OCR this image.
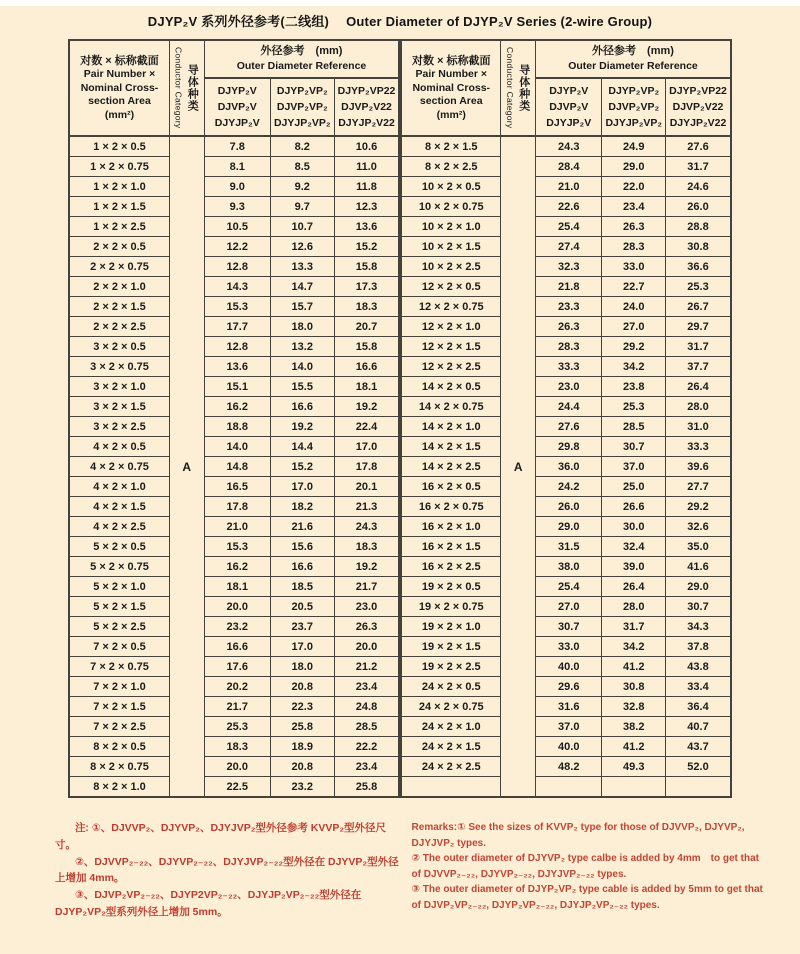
DJYP₂V 系列外径参考(二线组)　 Outer Diameter of DJYP₂V Series (2-wire Group)
对数 × 标称截面
Pair Number ×
Nominal Cross-
section Area
(mm²)	Conductor Category 导体种类

外径参考　(mm)
Outer Diameter Reference

DJYP₂V
DJVP₂V
DJYJP₂V

DJYP₂VP₂
DJVP₂VP₂
DJYJP₂VP₂

DJYP₂VP22
DJVP₂V22
DJYJP₂V22

1 × 2 × 0.5	A	7.8	8.2	10.6
1 × 2 × 0.75		8.1	8.5	11.0
1 × 2 × 1.0		9.0	9.2	11.8
1 × 2 × 1.5		9.3	9.7	12.3
1 × 2 × 2.5		10.5	10.7	13.6
2 × 2 × 0.5		12.2	12.6	15.2
2 × 2 × 0.75		12.8	13.3	15.8
2 × 2 × 1.0		14.3	14.7	17.3
2 × 2 × 1.5		15.3	15.7	18.3
2 × 2 × 2.5		17.7	18.0	20.7
3 × 2 × 0.5		12.8	13.2	15.8
3 × 2 × 0.75		13.6	14.0	16.6
3 × 2 × 1.0		15.1	15.5	18.1
3 × 2 × 1.5		16.2	16.6	19.2
3 × 2 × 2.5		18.8	19.2	22.4
4 × 2 × 0.5		14.0	14.4	17.0
4 × 2 × 0.75		14.8	15.2	17.8
4 × 2 × 1.0		16.5	17.0	20.1
4 × 2 × 1.5		17.8	18.2	21.3
4 × 2 × 2.5		21.0	21.6	24.3
5 × 2 × 0.5		15.3	15.6	18.3
5 × 2 × 0.75		16.2	16.6	19.2
5 × 2 × 1.0		18.1	18.5	21.7
5 × 2 × 1.5		20.0	20.5	23.0
5 × 2 × 2.5		23.2	23.7	26.3
7 × 2 × 0.5		16.6	17.0	20.0
7 × 2 × 0.75		17.6	18.0	21.2
7 × 2 × 1.0		20.2	20.8	23.4
7 × 2 × 1.5		21.7	22.3	24.8
7 × 2 × 2.5		25.3	25.8	28.5
8 × 2 × 0.5		18.3	18.9	22.2
8 × 2 × 0.75		20.0	20.8	23.4
8 × 2 × 1.0		22.5	23.2	25.8
对数 × 标称截面
Pair Number ×
Nominal Cross-
section Area
(mm²)	Conductor Category 导体种类

外径参考　(mm)
Outer Diameter Reference

DJYP₂V
DJVP₂V
DJYJP₂V

DJYP₂VP₂
DJVP₂VP₂
DJYJP₂VP₂

DJYP₂VP22
DJVP₂V22
DJYJP₂V22

8 × 2 × 1.5	A	24.3	24.9	27.6
8 × 2 × 2.5		28.4	29.0	31.7
10 × 2 × 0.5		21.0	22.0	24.6
10 × 2 × 0.75		22.6	23.4	26.0
10 × 2 × 1.0		25.4	26.3	28.8
10 × 2 × 1.5		27.4	28.3	30.8
10 × 2 × 2.5		32.3	33.0	36.6
12 × 2 × 0.5		21.8	22.7	25.3
12 × 2 × 0.75		23.3	24.0	26.7
12 × 2 × 1.0		26.3	27.0	29.7
12 × 2 × 1.5		28.3	29.2	31.7
12 × 2 × 2.5		33.3	34.2	37.7
14 × 2 × 0.5		23.0	23.8	26.4
14 × 2 × 0.75		24.4	25.3	28.0
14 × 2 × 1.0		27.6	28.5	31.0
14 × 2 × 1.5		29.8	30.7	33.3
14 × 2 × 2.5		36.0	37.0	39.6
16 × 2 × 0.5		24.2	25.0	27.7
16 × 2 × 0.75		26.0	26.6	29.2
16 × 2 × 1.0		29.0	30.0	32.6
16 × 2 × 1.5		31.5	32.4	35.0
16 × 2 × 2.5		38.0	39.0	41.6
19 × 2 × 0.5		25.4	26.4	29.0
19 × 2 × 0.75		27.0	28.0	30.7
19 × 2 × 1.0		30.7	31.7	34.3
19 × 2 × 1.5		33.0	34.2	37.8
19 × 2 × 2.5		40.0	41.2	43.8
24 × 2 × 0.5		29.6	30.8	33.4
24 × 2 × 0.75		31.6	32.8	36.4
24 × 2 × 1.0		37.0	38.2	40.7
24 × 2 × 1.5		40.0	41.2	43.7
24 × 2 × 2.5		48.2	49.3	52.0

注: ①、DJVVP₂、DJYVP₂、DJYJVP₂型外径参考 KVVP₂型外径尺寸。

②、DJVVP₂₋₂₂、DJYVP₂₋₂₂、DJYJVP₂₋₂₂型外径在 DJYVP₂型外径上增加 4mm。

③、DJVP₂VP₂₋₂₂、DJYP2VP₂₋₂₂、DJYJP₂VP₂₋₂₂型外径在 DJYP₂VP₂型系列外径上增加 5mm。

Remarks:① See the sizes of KVVP₂ type for those of DJVVP₂, DJYVP₂, DJYJVP₂ types.

② The outer diameter of DJYVP₂ type calbe is added by 4mm　to get that of DJVVP₂₋₂₂, DJYVP₂₋₂₂, DJYJVP₂₋₂₂ types.

③ The outer diameter of DJYP₂VP₂ type cable is added by 5mm to get that of DJVP₂VP₂₋₂₂, DJYP₂VP₂₋₂₂, DJYJP₂VP₂₋₂₂ types.
